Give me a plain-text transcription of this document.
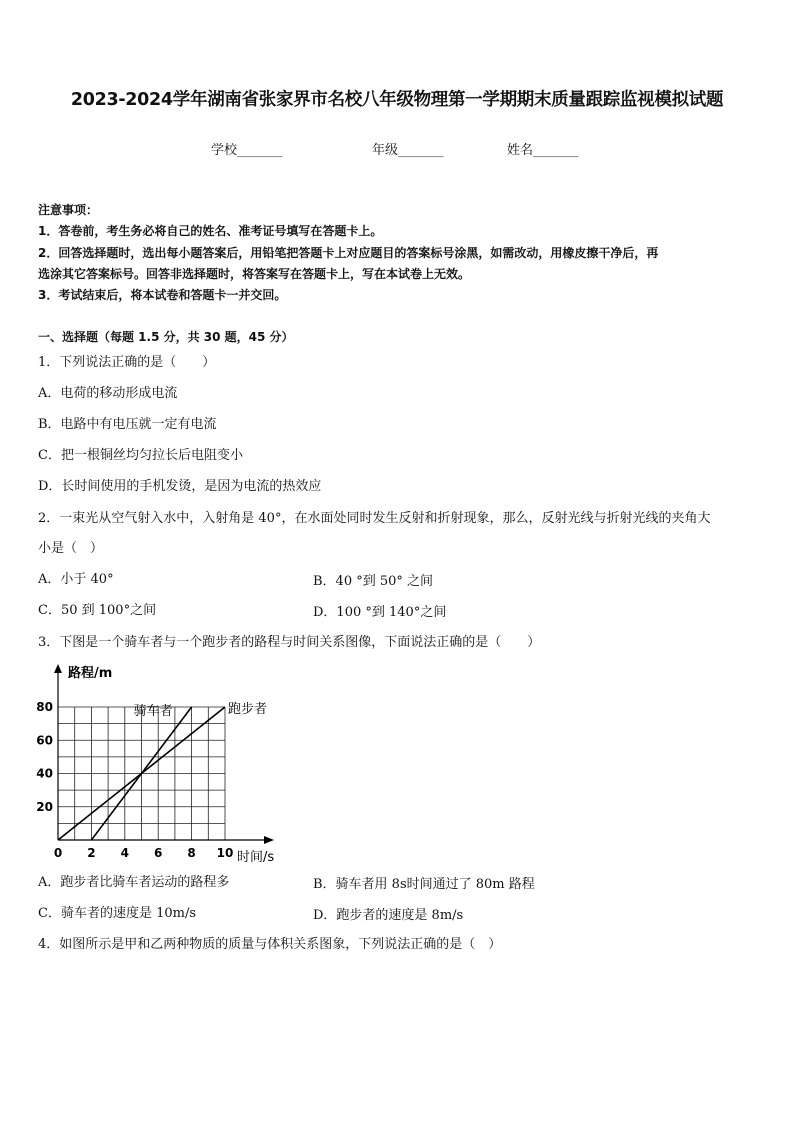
2023-2024学年湖南省张家界市名校八年级物理第一学期期末质量跟踪监视模拟试题
学校_______	年级_______	姓名_______
注意事项：
1．答卷前，考生务必将自己的姓名、准考证号填写在答题卡上。
2．回答选择题时，选出每小题答案后，用铅笔把答题卡上对应题目的答案标号涂黑，如需改动，用橡皮擦干净后，再
选涂其它答案标号。回答非选择题时，将答案写在答题卡上，写在本试卷上无效。
3．考试结束后，将本试卷和答题卡一并交回。
一、选择题（每题 1.5 分，共 30 题，45 分）
1．下列说法正确的是（　　）
A．电荷的移动形成电流
B．电路中有电压就一定有电流
C．把一根铜丝均匀拉长后电阻变小
D．长时间使用的手机发烫，是因为电流的热效应
2．一束光从空气射入水中，入射角是 40°，在水面处同时发生反射和折射现象，那么，反射光线与折射光线的夹角大
小是（　）
A．小于 40°	B．40 °到 50° 之间
C．50 到 100°之间	D．100 °到 140°之间
3．下图是一个骑车者与一个跑步者的路程与时间关系图像，下面说法正确的是（　　）
路程/m
时间/s
0 2 4 6 8 10
20
40
60
80	骑车者	跑步者
A．跑步者比骑车者运动的路程多	B．骑车者用 8s时间通过了 80m 路程
C．骑车者的速度是 10m/s	D．跑步者的速度是 8m/s
4．如图所示是甲和乙两种物质的质量与体积关系图象，下列说法正确的是（　）
